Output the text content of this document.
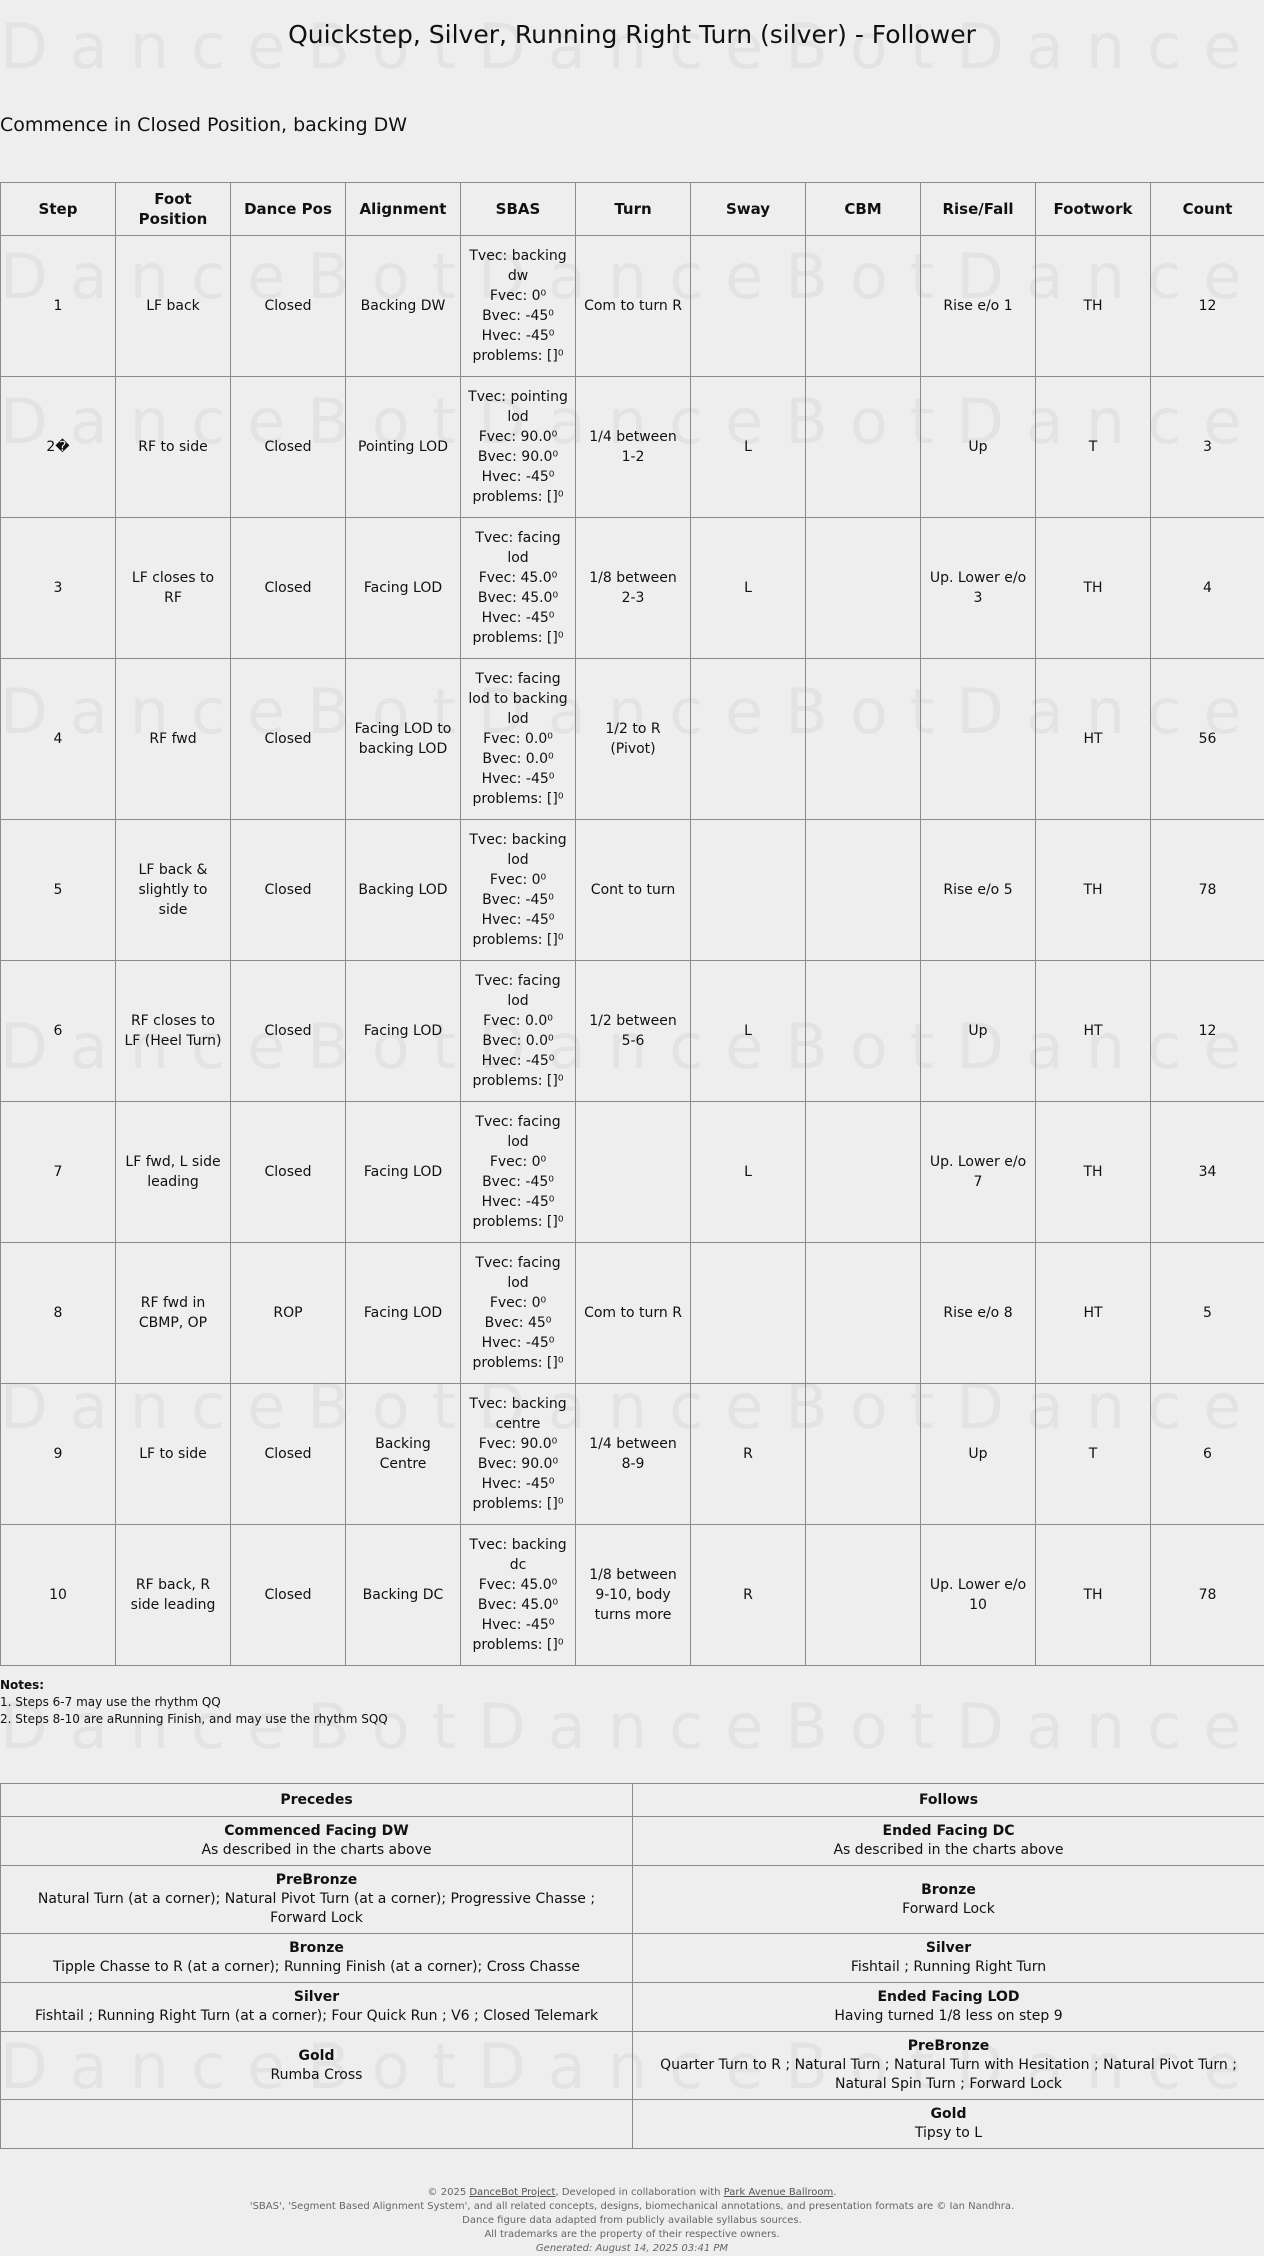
Quickstep, Silver, Running Right Turn (silver) - Follower
Commence in Closed Position, backing DW
Step	Foot Position	Dance Pos	Alignment	SBAS	Turn	Sway	CBM	Rise/Fall	Footwork	Count
1	LF back	Closed	Backing DW	Tvec: backing dw
Fvec: 0⁰
Bvec: -45⁰
Hvec: -45⁰
problems: []⁰	Com to turn R			Rise e/o 1	TH	12
2�	RF to side	Closed	Pointing LOD	Tvec: pointing lod
Fvec: 90.0⁰
Bvec: 90.0⁰
Hvec: -45⁰
problems: []⁰	1/4 between 1-2	L		Up	T	3
3	LF closes to RF	Closed	Facing LOD	Tvec: facing lod
Fvec: 45.0⁰
Bvec: 45.0⁰
Hvec: -45⁰
problems: []⁰	1/8 between 2-3	L		Up. Lower e/o 3	TH	4
4	RF fwd	Closed	Facing LOD to backing LOD	Tvec: facing lod to backing lod
Fvec: 0.0⁰
Bvec: 0.0⁰
Hvec: -45⁰
problems: []⁰	1/2 to R (Pivot)				HT	56
5	LF back & slightly to side	Closed	Backing LOD	Tvec: backing lod
Fvec: 0⁰
Bvec: -45⁰
Hvec: -45⁰
problems: []⁰	Cont to turn			Rise e/o 5	TH	78
6	RF closes to LF (Heel Turn)	Closed	Facing LOD	Tvec: facing lod
Fvec: 0.0⁰
Bvec: 0.0⁰
Hvec: -45⁰
problems: []⁰	1/2 between 5-6	L		Up	HT	12
7	LF fwd, L side leading	Closed	Facing LOD	Tvec: facing lod
Fvec: 0⁰
Bvec: -45⁰
Hvec: -45⁰
problems: []⁰		L		Up. Lower e/o 7	TH	34
8	RF fwd in CBMP, OP	ROP	Facing LOD	Tvec: facing lod
Fvec: 0⁰
Bvec: 45⁰
Hvec: -45⁰
problems: []⁰	Com to turn R			Rise e/o 8	HT	5
9	LF to side	Closed	Backing Centre	Tvec: backing centre
Fvec: 90.0⁰
Bvec: 90.0⁰
Hvec: -45⁰
problems: []⁰	1/4 between 8-9	R		Up	T	6
10	RF back, R side leading	Closed	Backing DC	Tvec: backing dc
Fvec: 45.0⁰
Bvec: 45.0⁰
Hvec: -45⁰
problems: []⁰	1/8 between 9-10, body turns more	R		Up. Lower e/o 10	TH	78
Notes:
1. Steps 6-7 may use the rhythm QQ
2. Steps 8-10 are aRunning Finish, and may use the rhythm SQQ
Precedes	Follows

Commenced Facing DW
As described in the charts above	Ended Facing DC
As described in the charts above

PreBronze
Natural Turn (at a corner); Natural Pivot Turn (at a corner); Progressive Chasse ; Forward Lock	Bronze
Forward Lock

Bronze
Tipple Chasse to R (at a corner); Running Finish (at a corner); Cross Chasse	Silver
Fishtail ; Running Right Turn

Silver
Fishtail ; Running Right Turn (at a corner); Four Quick Run ; V6 ; Closed Telemark	Ended Facing LOD
Having turned 1/8 less on step 9

Gold
Rumba Cross	PreBronze
Quarter Turn to R ; Natural Turn ; Natural Turn with Hesitation ; Natural Pivot Turn ; Natural Spin Turn ; Forward Lock

	Gold
Tipsy to L
© 2025 DanceBot Project, Developed in collaboration with Park Avenue Ballroom.
'SBAS', 'Segment Based Alignment System', and all related concepts, designs, biomechanical annotations, and presentation formats are © Ian Nandhra.
Dance figure data adapted from publicly available syllabus sources.
All trademarks are the property of their respective owners.
Generated: August 14, 2025 03:41 PM
